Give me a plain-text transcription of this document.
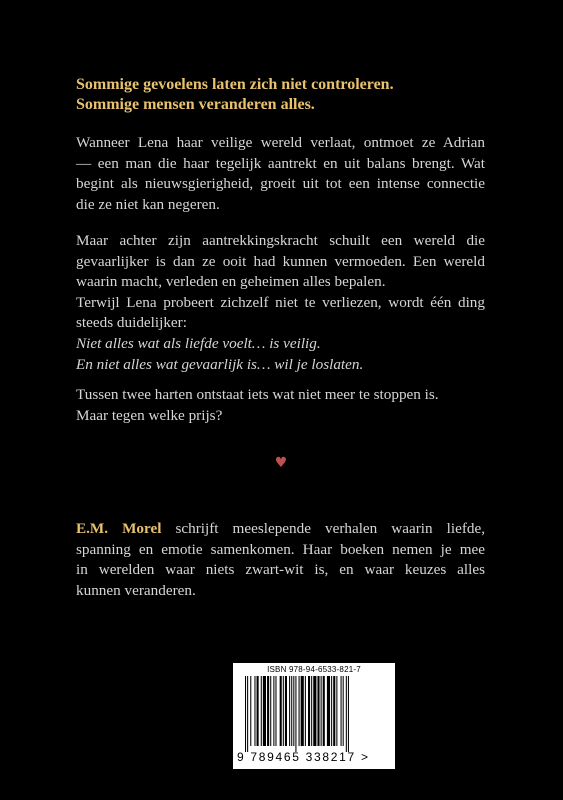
Sommige gevoelens laten zich niet controleren.
Sommige mensen veranderen alles.
Wanneer Lena haar veilige wereld verlaat, ontmoet ze Adrian
— een man die haar tegelijk aantrekt en uit balans brengt. Wat
begint als nieuwsgierigheid, groeit uit tot een intense connectie
die ze niet kan negeren.
Maar achter zijn aantrekkingskracht schuilt een wereld die
gevaarlijker is dan ze ooit had kunnen vermoeden. Een wereld
waarin macht, verleden en geheimen alles bepalen.
Terwijl Lena probeert zichzelf niet te verliezen, wordt één ding
steeds duidelijker:
Niet alles wat als liefde voelt… is veilig.
En niet alles wat gevaarlijk is… wil je loslaten.
Tussen twee harten ontstaat iets wat niet meer te stoppen is.
Maar tegen welke prijs?
♥
E.M. Morel schrijft meeslepende verhalen waarin liefde,
spanning en emotie samenkomen. Haar boeken nemen je mee
in werelden waar niets zwart-wit is, en waar keuzes alles
kunnen veranderen.
ISBN 978-94-6533-821-7
9 789465 338217 >
